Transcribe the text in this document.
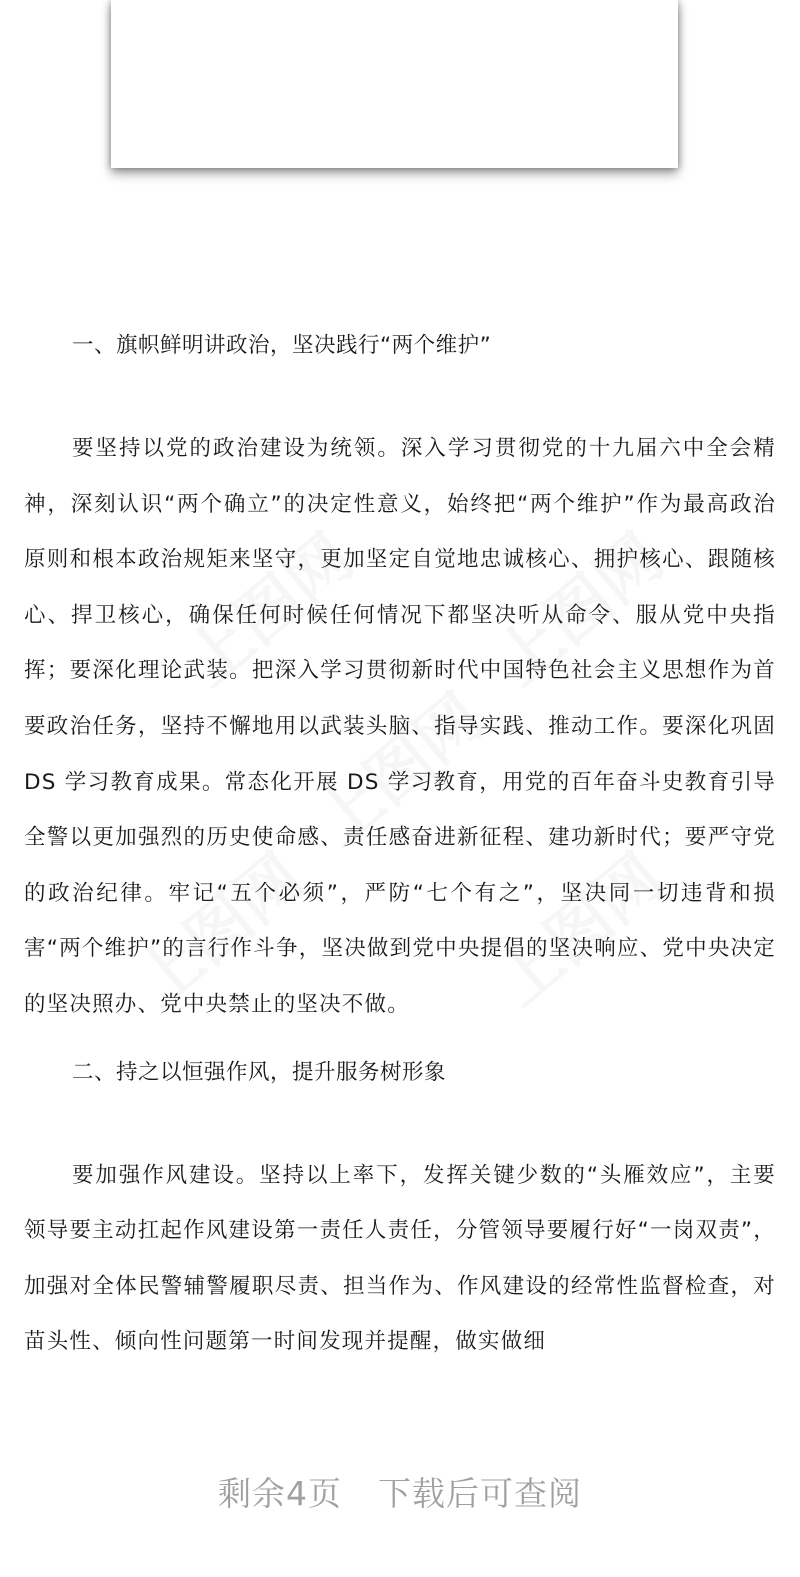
一、旗帜鲜明讲政治，坚决践行“两个维护”

要坚持以党的政治建设为统领。深入学习贯彻党的十九届六中全会精神，深刻认识“两个确立”的决定性意义，始终把“两个维护”作为最高政治原则和根本政治规矩来坚守，更加坚定自觉地忠诚核心、拥护核心、跟随核心、捍卫核心，确保任何时候任何情况下都坚决听从命令、服从党中央指挥；要深化理论武装。把深入学习贯彻新时代中国特色社会主义思想作为首要政治任务，坚持不懈地用以武装头脑、指导实践、推动工作。要深化巩固 DS 学习教育成果。常态化开展 DS 学习教育，用党的百年奋斗史教育引导全警以更加强烈的历史使命感、责任感奋进新征程、建功新时代；要严守党的政治纪律。牢记“五个必须”，严防“七个有之”，坚决同一切违背和损害“两个维护”的言行作斗争，坚决做到党中央提倡的坚决响应、党中央决定的坚决照办、党中央禁止的坚决不做。

二、持之以恒强作风，提升服务树形象

要加强作风建设。坚持以上率下，发挥关键少数的“头雁效应”，主要领导要主动扛起作风建设第一责任人责任，分管领导要履行好“一岗双责”，加强对全体民警辅警履职尽责、担当作为、作风建设的经常性监督检查，对苗头性、倾向性问题第一时间发现并提醒，做实做细

剩余4页 下载后可查阅
